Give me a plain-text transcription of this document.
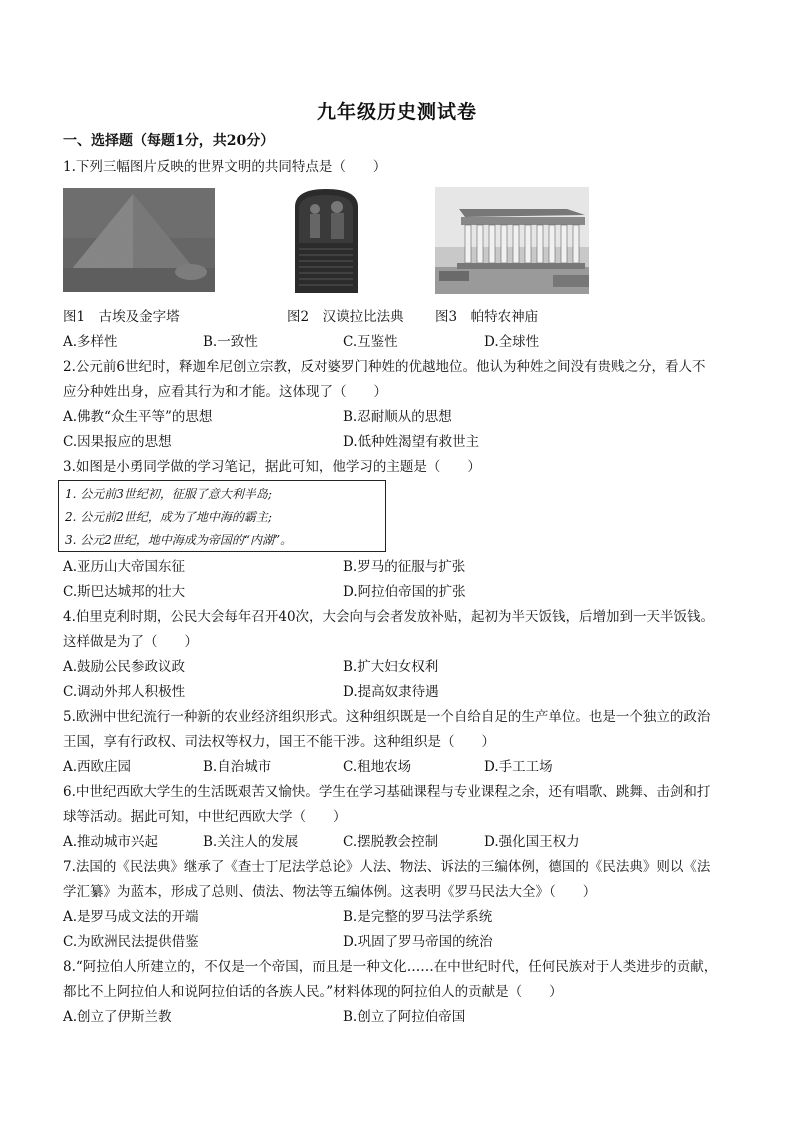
九年级历史测试卷
一、选择题（每题1分，共20分）
1.下列三幅图片反映的世界文明的共同特点是（　　）
图1　古埃及金字塔	图2　汉谟拉比法典 图3　帕特农神庙
A.多样性	B.一致性	C.互鉴性	D.全球性
2.公元前6世纪时，释迦牟尼创立宗教，反对婆罗门种姓的优越地位。他认为种姓之间没有贵贱之分，看人不
应分种姓出身，应看其行为和才能。这体现了（　　）
A.佛教“众生平等”的思想	B.忍耐顺从的思想
C.因果报应的思想	D.低种姓渴望有救世主
3.如图是小勇同学做的学习笔记，据此可知，他学习的主题是（　　）
1. 公元前3世纪初，征服了意大利半岛;
2. 公元前2世纪，成为了地中海的霸主;
3. 公元2世纪，地中海成为帝国的“内湖”。
A.亚历山大帝国东征	B.罗马的征服与扩张
C.斯巴达城邦的壮大	D.阿拉伯帝国的扩张
4.伯里克利时期，公民大会每年召开40次，大会向与会者发放补贴，起初为半天饭钱，后增加到一天半饭钱。
这样做是为了（　　）
A.鼓励公民参政议政	B.扩大妇女权利
C.调动外邦人积极性	D.提高奴隶待遇
5.欧洲中世纪流行一种新的农业经济组织形式。这种组织既是一个自给自足的生产单位。也是一个独立的政治
王国，享有行政权、司法权等权力，国王不能干涉。这种组织是（　　）
A.西欧庄园	B.自治城市	C.租地农场	D.手工工场
6.中世纪西欧大学生的生活既艰苦又愉快。学生在学习基础课程与专业课程之余，还有唱歌、跳舞、击剑和打
球等活动。据此可知，中世纪西欧大学（　　）
A.推动城市兴起	B.关注人的发展	C.摆脱教会控制	D.强化国王权力
7.法国的《民法典》继承了《查士丁尼法学总论》人法、物法、诉法的三编体例，德国的《民法典》则以《法
学汇纂》为蓝本，形成了总则、债法、物法等五编体例。这表明《罗马民法大全》（　　）
A.是罗马成文法的开端	B.是完整的罗马法学系统
C.为欧洲民法提供借鉴	D.巩固了罗马帝国的统治
8.“阿拉伯人所建立的，不仅是一个帝国，而且是一种文化……在中世纪时代，任何民族对于人类进步的贡献，
都比不上阿拉伯人和说阿拉伯话的各族人民。”材料体现的阿拉伯人的贡献是（　　）
A.创立了伊斯兰教	B.创立了阿拉伯帝国
